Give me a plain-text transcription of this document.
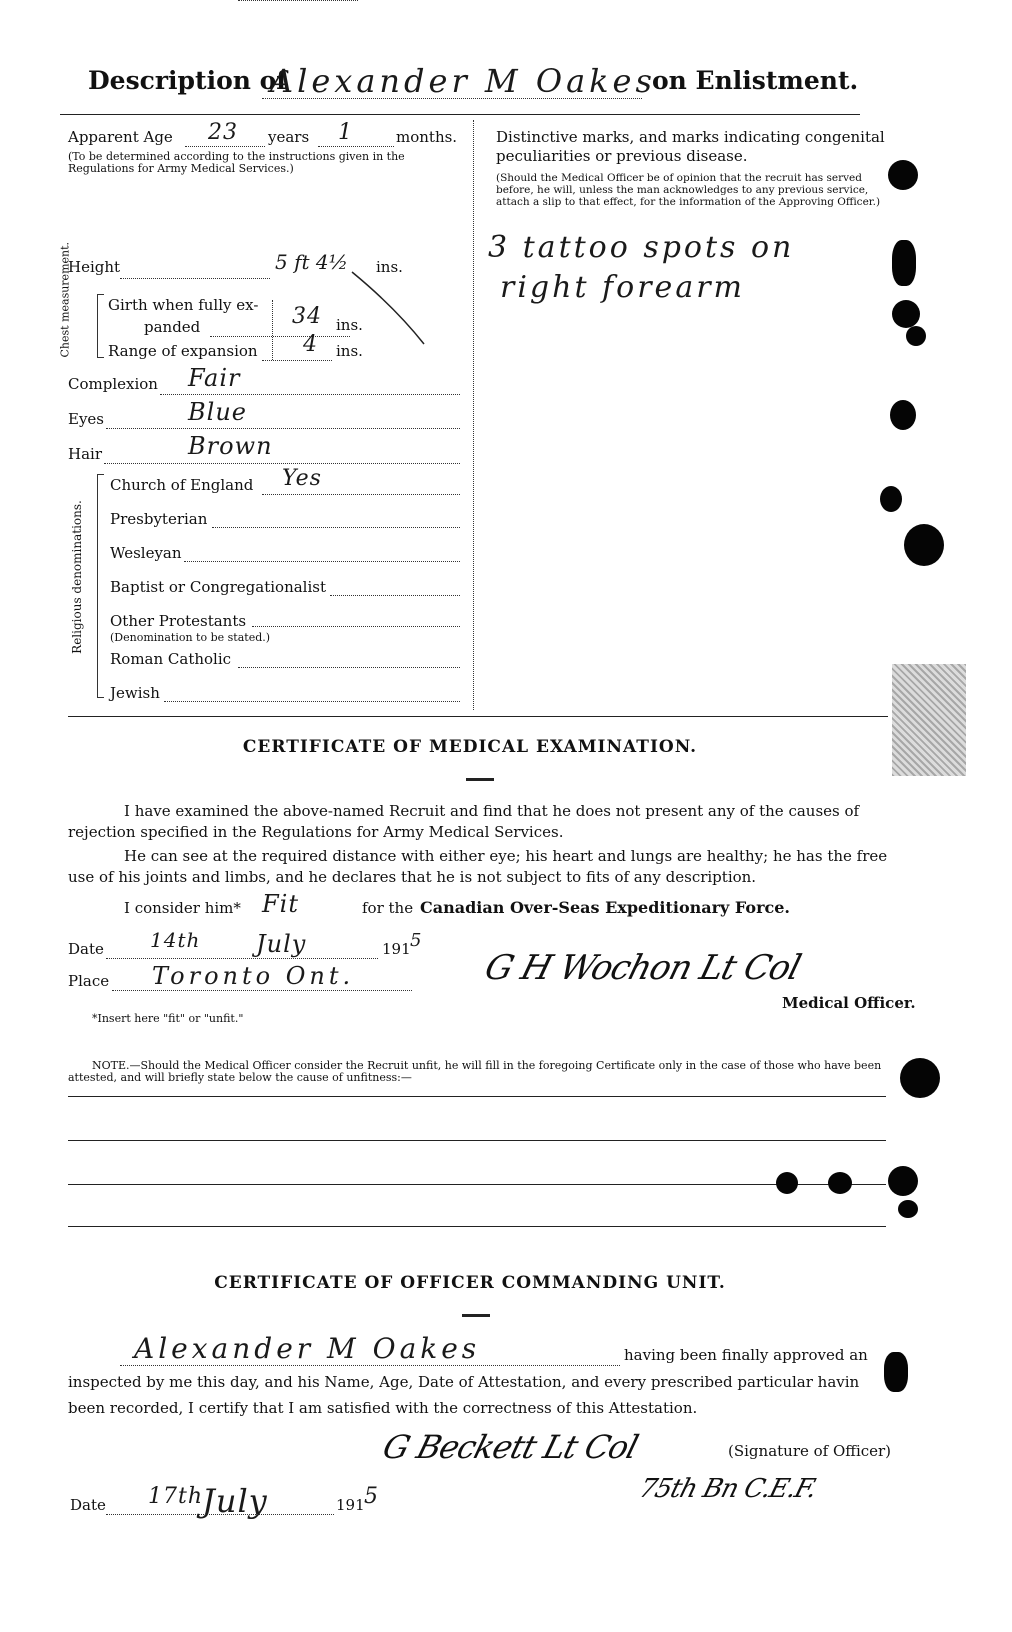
Description of
Alexander M Oakes
on Enlistment.
Apparent Age 23 years 1	months.
(To be determined according to the instructions given in the Regulations for Army Medical Services.)
Height	5 ft 4½ ins.
Chest measurement. Girth when fully ex-
panded	34 ins.
Range of expansion 4 ins.
Complexion Fair
Eyes	Blue
Hair	Brown
Religious denominations.
Church of England Yes
Presbyterian
Wesleyan
Baptist or Congregationalist
Other Protestants
(Denomination to be stated.)
Roman Catholic
Jewish
Distinctive marks, and marks indicating congenital peculiarities or previous disease.
(Should the Medical Officer be of opinion that the recruit has served before, he will, unless the man acknowledges to any previous service, attach a slip to that effect, for the information of the Approving Officer.)
3 tattoo spots on
right forearm
CERTIFICATE OF MEDICAL EXAMINATION.
I have examined the above-named Recruit and find that he does not present any of the causes of rejection specified in the Regulations for Army Medical Services.
He can see at the required distance with either eye; his heart and lungs are healthy; he has the free use of his joints and limbs, and he declares that he is not subject to fits of any description.
I consider him* Fit	for the Canadian Over-Seas Expeditionary Force.
Date 14th July	191 5
Place Toronto Ont.	G H Wochon Lt Col
Medical Officer.
*Insert here "fit" or "unfit."
NOTE.—Should the Medical Officer consider the Recruit unfit, he will fill in the foregoing Certificate only in the case of those who have been attested, and will briefly state below the cause of unfitness:—
CERTIFICATE OF OFFICER COMMANDING UNIT.
Alexander M Oakes	having been finally approved an
inspected by me this day, and his Name, Age, Date of Attestation, and every prescribed particular havin
been recorded, I certify that I am satisfied with the correctness of this Attestation.
G Beckett Lt Col	(Signature of Officer)
75th Bn C.E.F.
Date 17th
July	191 5
